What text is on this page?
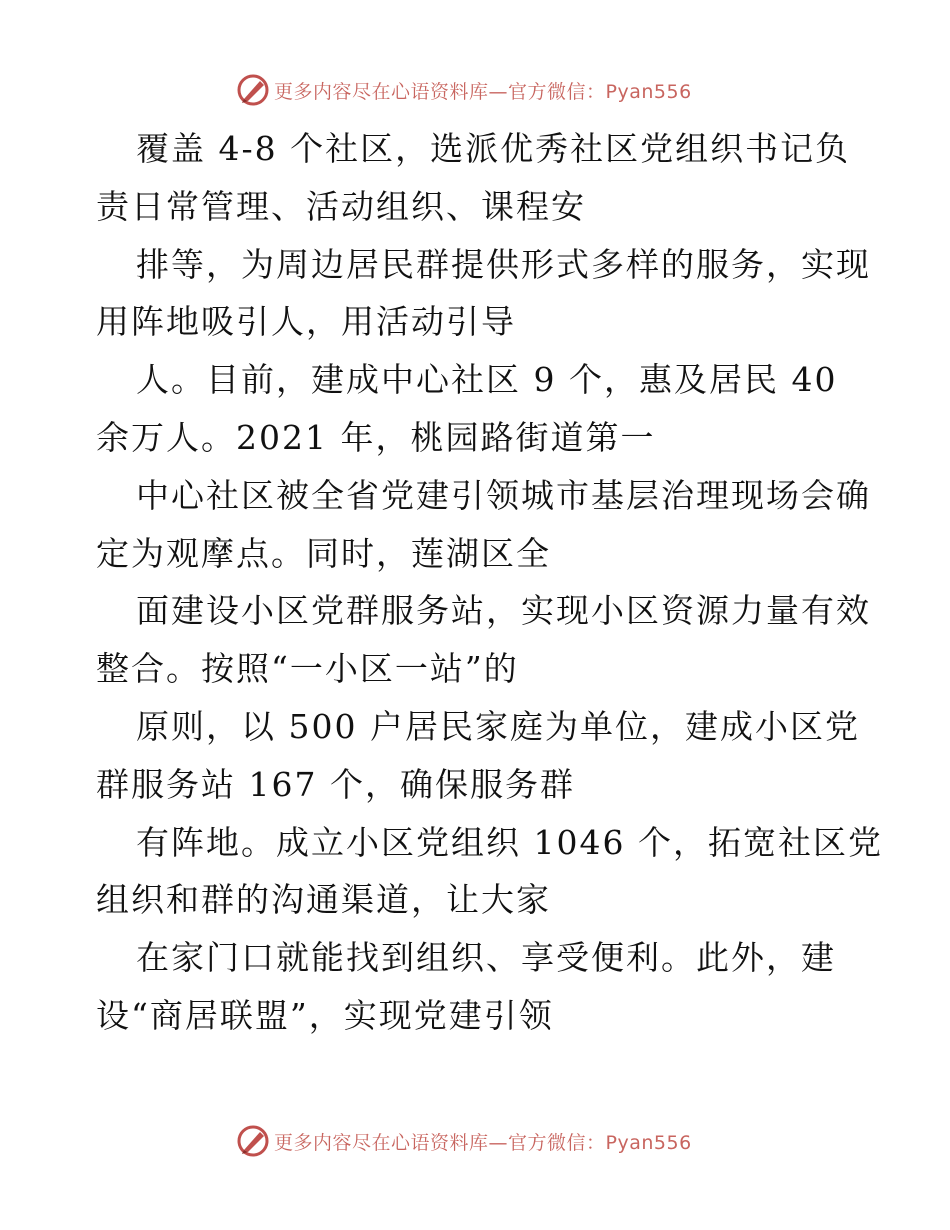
更多内容尽在心语资料库—官方微信：Pyan556
覆盖 4-8 个社区，选派优秀社区党组织书记负
责日常管理、活动组织、课程安
排等，为周边居民群提供形式多样的服务，实现
用阵地吸引人，用活动引导
人。目前，建成中心社区 9 个，惠及居民 40
余万人。2021 年，桃园路街道第一
中心社区被全省党建引领城市基层治理现场会确
定为观摩点。同时，莲湖区全
面建设小区党群服务站，实现小区资源力量有效
整合。按照“一小区一站”的
原则，以 500 户居民家庭为单位，建成小区党
群服务站 167 个，确保服务群
有阵地。成立小区党组织 1046 个，拓宽社区党
组织和群的沟通渠道，让大家
在家门口就能找到组织、享受便利。此外，建
设“商居联盟”，实现党建引领
更多内容尽在心语资料库—官方微信：Pyan556
